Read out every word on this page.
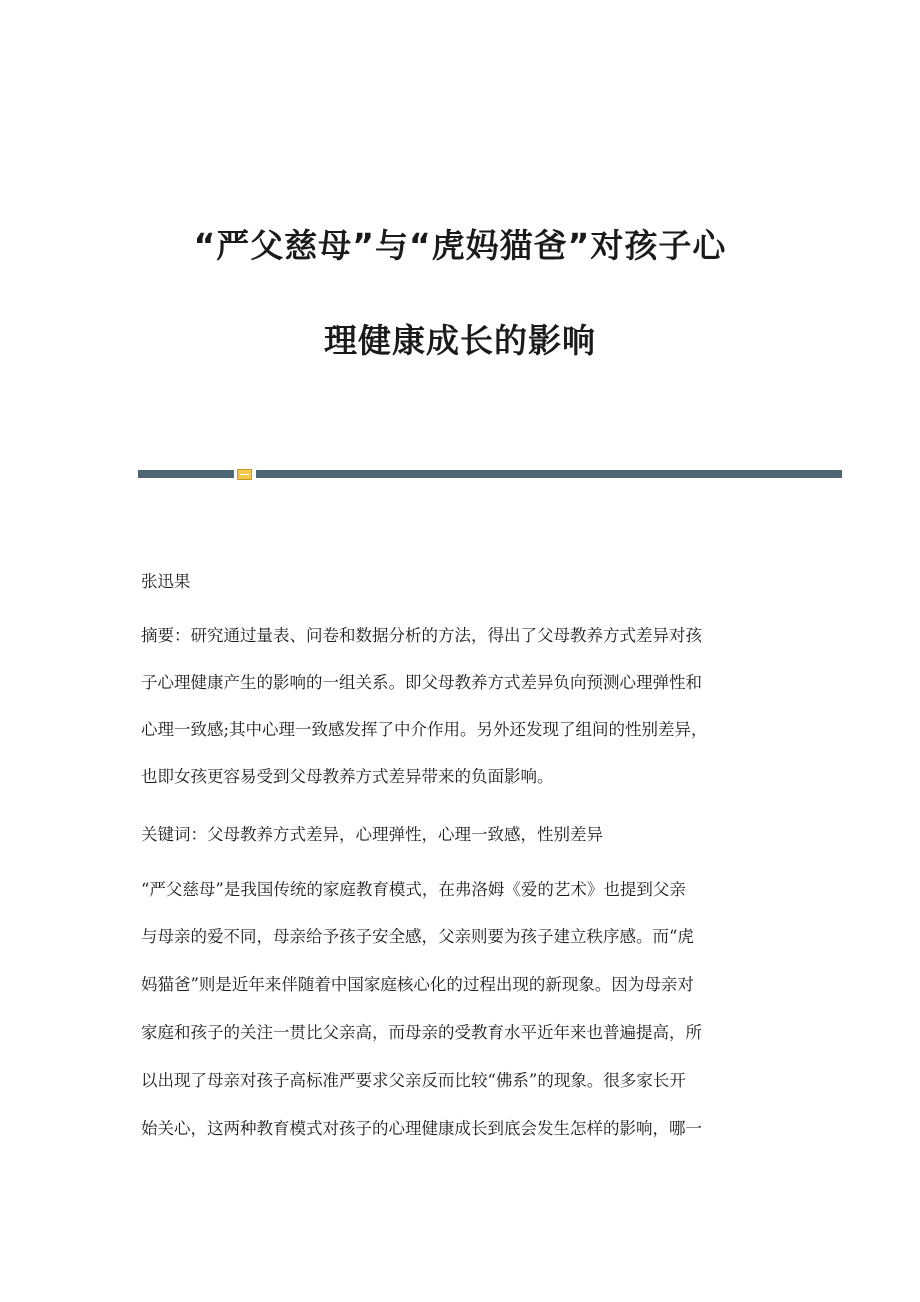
“严父慈母”与“虎妈猫爸”对孩子心
理健康成长的影响
张迅果
摘要：研究通过量表、问卷和数据分析的方法，得出了父母教养方式差异对孩
子心理健康产生的影响的一组关系。即父母教养方式差异负向预测心理弹性和
心理一致感;其中心理一致感发挥了中介作用。另外还发现了组间的性别差异，
也即女孩更容易受到父母教养方式差异带来的负面影响。
关键词：父母教养方式差异，心理弹性，心理一致感，性别差异
“严父慈母”是我国传统的家庭教育模式，在弗洛姆《爱的艺术》也提到父亲
与母亲的爱不同，母亲给予孩子安全感，父亲则要为孩子建立秩序感。而“虎
妈猫爸”则是近年来伴随着中国家庭核心化的过程出现的新现象。因为母亲对
家庭和孩子的关注一贯比父亲高，而母亲的受教育水平近年来也普遍提高，所
以出现了母亲对孩子高标准严要求父亲反而比较“佛系”的现象。很多家长开
始关心，这两种教育模式对孩子的心理健康成长到底会发生怎样的影响，哪一
